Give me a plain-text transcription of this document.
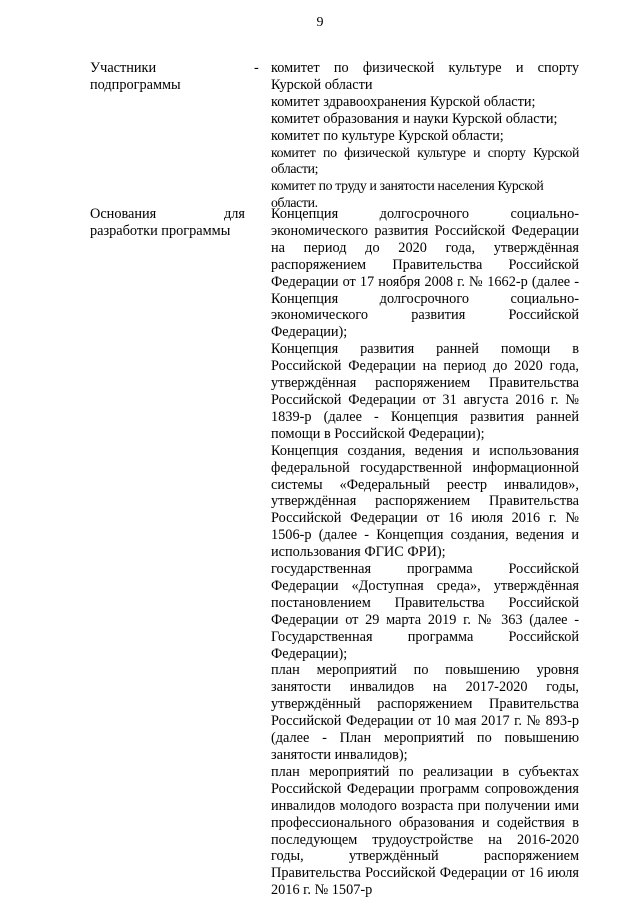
9
Участники
подпрограммы
- комитет по физической культуре и спорту Курской области
комитет здравоохранения Курской области;
комитет образования и науки Курской области;
комитет по культуре Курской области;
комитет по физической культуре и спорту Курской области;
комитет по труду и занятости населения Курской области.
Основания	для
разработки программы
Концепция долгосрочного социально-экономического развития Российской Федерации на период до 2020 года, утверждённая распоряжением Правительства Российской Федерации от 17 ноября 2008 г. № 1662-р (далее - Концепция долгосрочного социально-экономического развития Российской Федерации);
Концепция развития ранней помощи в Российской Федерации на период до 2020 года, утверждённая распоряжением Правительства Российской Федерации от 31 августа 2016 г. № 1839-р (далее - Концепция развития ранней помощи в Российской Федерации);
Концепция создания, ведения и использования федеральной государственной информационной системы «Федеральный реестр инвалидов», утверждённая распоряжением Правительства Российской Федерации от 16 июля 2016 г. № 1506-р (далее - Концепция создания, ведения и использования ФГИС ФРИ);
государственная программа Российской Федерации «Доступная среда», утверждённая постановлением Правительства Российской Федерации от 29 марта 2019 г. № 363 (далее - Государственная программа Российской Федерации);
план мероприятий по повышению уровня занятости инвалидов на 2017-2020 годы, утверждённый распоряжением Правительства Российской Федерации от 10 мая 2017 г. № 893-р (далее - План мероприятий по повышению занятости инвалидов);
план мероприятий по реализации в субъектах Российской Федерации программ сопровождения инвалидов молодого возраста при получении ими профессионального образования и содействия в последующем трудоустройстве на 2016-2020 годы, утверждённый распоряжением Правительства Российской Федерации от 16 июля 2016 г. № 1507-р
